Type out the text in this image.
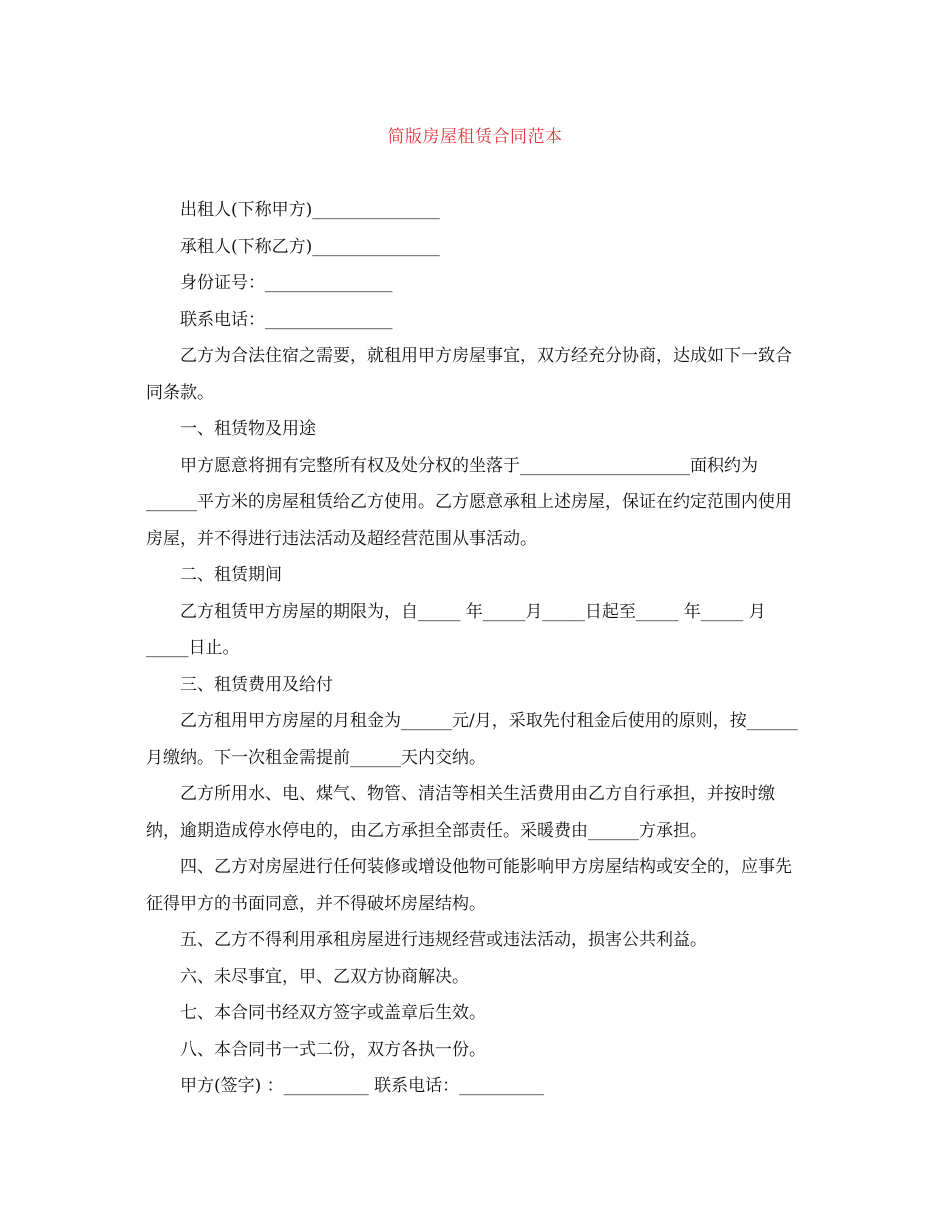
简版房屋租赁合同范本

出租人(下称甲方)_______________

承租人(下称乙方)_______________

身份证号：_______________

联系电话：_______________

乙方为合法住宿之需要，就租用甲方房屋事宜，双方经充分协商，达成如下一致合同条款。

一、租赁物及用途

甲方愿意将拥有完整所有权及处分权的坐落于____________________面积约为______平方米的房屋租赁给乙方使用。乙方愿意承租上述房屋，保证在约定范围内使用房屋，并不得进行违法活动及超经营范围从事活动。

二、租赁期间

乙方租赁甲方房屋的期限为，自_____ 年_____月_____日起至_____ 年_____ 月_____日止。

三、租赁费用及给付

乙方租用甲方房屋的月租金为______元/月，采取先付租金后使用的原则，按______月缴纳。下一次租金需提前______天内交纳。

乙方所用水、电、煤气、物管、清洁等相关生活费用由乙方自行承担，并按时缴纳，逾期造成停水停电的，由乙方承担全部责任。采暖费由______方承担。

四、乙方对房屋进行任何装修或增设他物可能影响甲方房屋结构或安全的，应事先征得甲方的书面同意，并不得破坏房屋结构。

五、乙方不得利用承租房屋进行违规经营或违法活动，损害公共利益。

六、未尽事宜，甲、乙双方协商解决。

七、本合同书经双方签字或盖章后生效。

八、本合同书一式二份，双方各执一份。

甲方(签字) ：__________ 联系电话：__________
